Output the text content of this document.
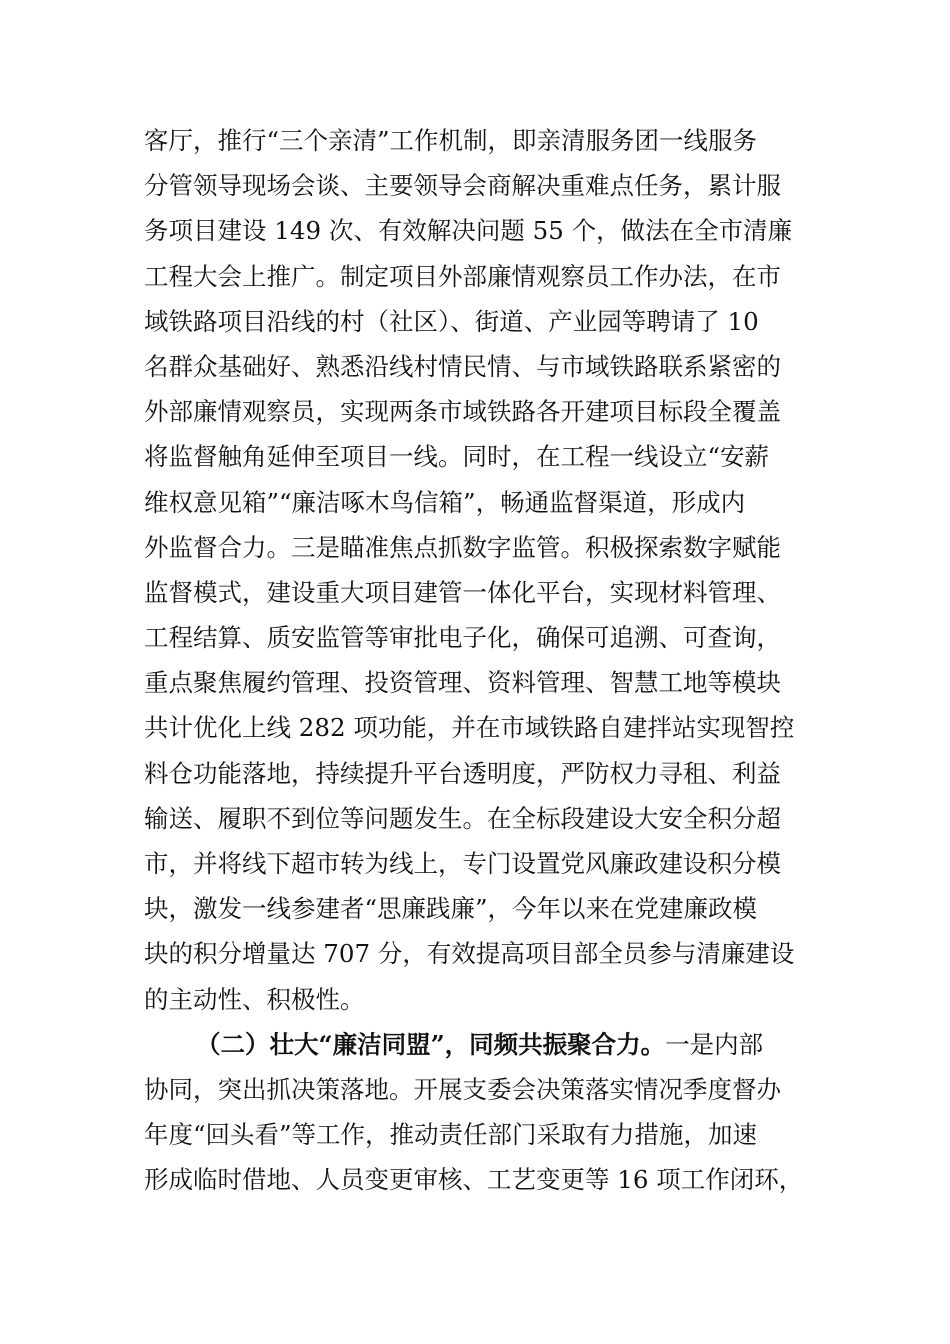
客厅，推行“三个亲清”工作机制，即亲清服务团一线服务
分管领导现场会谈、主要领导会商解决重难点任务，累计服
务项目建设 149 次、有效解决问题 55 个，做法在全市清廉
工程大会上推广。制定项目外部廉情观察员工作办法，在市
域铁路项目沿线的村（社区）、街道、产业园等聘请了 10
名群众基础好、熟悉沿线村情民情、与市域铁路联系紧密的
外部廉情观察员，实现两条市域铁路各开建项目标段全覆盖
将监督触角延伸至项目一线。同时，在工程一线设立“安薪
维权意见箱”“廉洁啄木鸟信箱”，畅通监督渠道，形成内
外监督合力。三是瞄准焦点抓数字监管。积极探索数字赋能
监督模式，建设重大项目建管一体化平台，实现材料管理、
工程结算、质安监管等审批电子化，确保可追溯、可查询，
重点聚焦履约管理、投资管理、资料管理、智慧工地等模块
共计优化上线 282 项功能，并在市域铁路自建拌站实现智控
料仓功能落地，持续提升平台透明度，严防权力寻租、利益
输送、履职不到位等问题发生。在全标段建设大安全积分超
市，并将线下超市转为线上，专门设置党风廉政建设积分模
块，激发一线参建者“思廉践廉”，今年以来在党建廉政模
块的积分增量达 707 分，有效提高项目部全员参与清廉建设
的主动性、积极性。
（二）壮大“廉洁同盟”，同频共振聚合力。一是内部
协同，突出抓决策落地。开展支委会决策落实情况季度督办
年度“回头看”等工作，推动责任部门采取有力措施，加速
形成临时借地、人员变更审核、工艺变更等 16 项工作闭环，
